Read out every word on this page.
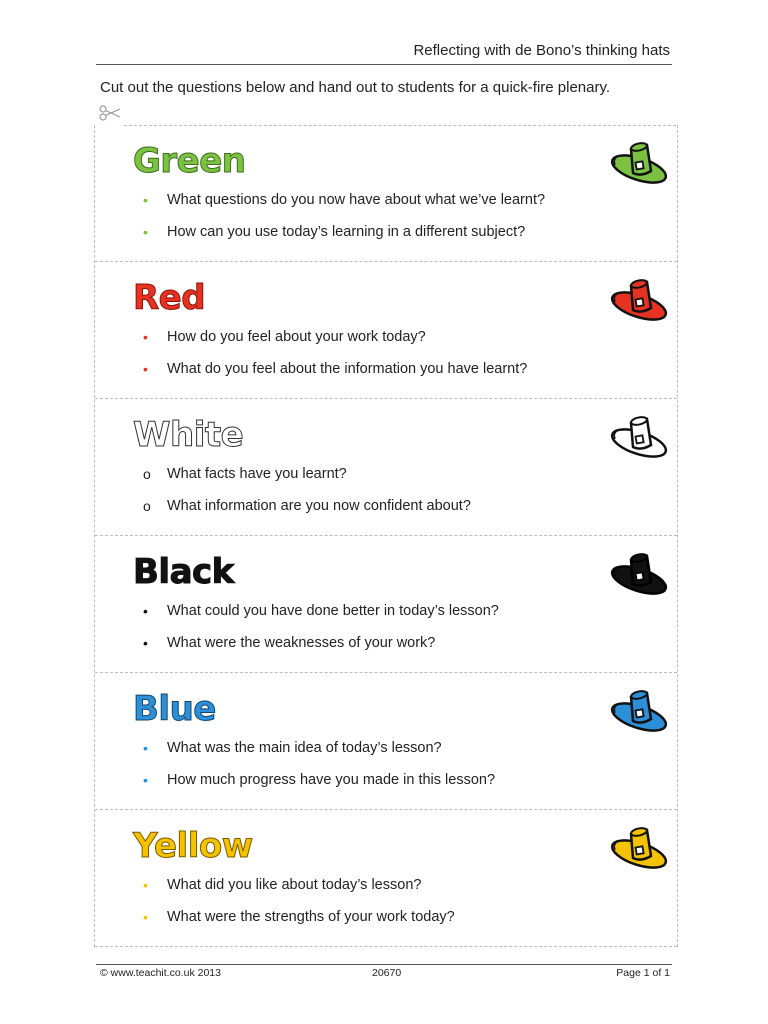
Reflecting with de Bono’s thinking hats
Cut out the questions below and hand out to students for a quick-fire plenary.
Green
• What questions do you now have about what we’ve learnt?
• How can you use today’s learning in a different subject?
Red
• How do you feel about your work today?
• What do you feel about the information you have learnt?
White
o What facts have you learnt?
o What information are you now confident about?
Black
• What could you have done better in today’s lesson?
• What were the weaknesses of your work?
Blue
• What was the main idea of today’s lesson?
• How much progress have you made in this lesson?
Yellow
• What did you like about today’s lesson?
• What were the strengths of your work today?
© www.teachit.co.uk 2013	20670	Page 1 of 1
